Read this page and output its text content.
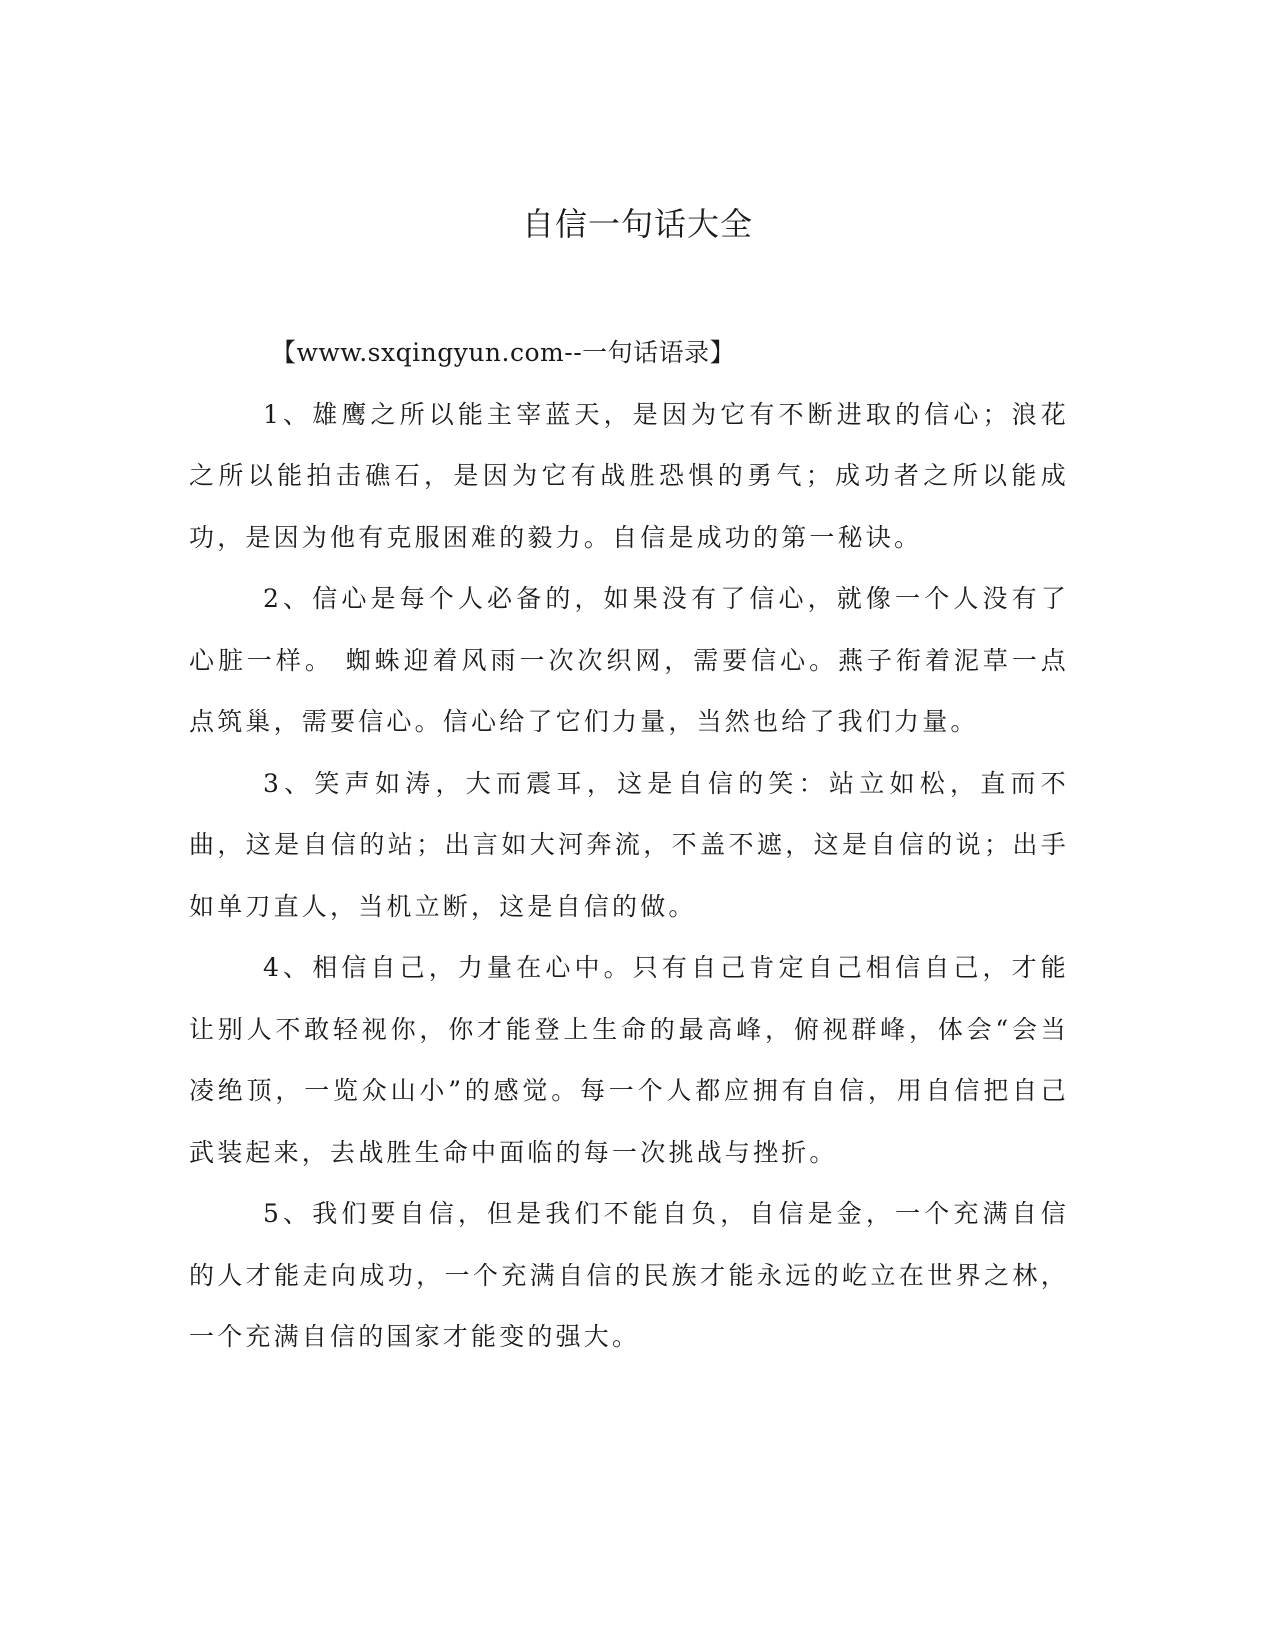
自信一句话大全

【www.sxqingyun.com--一句话语录】

1、雄鹰之所以能主宰蓝天，是因为它有不断进取的信心；浪花之所以能拍击礁石，是因为它有战胜恐惧的勇气；成功者之所以能成功，是因为他有克服困难的毅力。自信是成功的第一秘诀。

2、信心是每个人必备的，如果没有了信心，就像一个人没有了心脏一样。 蜘蛛迎着风雨一次次织网，需要信心。燕子衔着泥草一点点筑巢，需要信心。信心给了它们力量，当然也给了我们力量。

3、笑声如涛，大而震耳，这是自信的笑：站立如松，直而不曲，这是自信的站；出言如大河奔流，不盖不遮，这是自信的说；出手如单刀直人，当机立断，这是自信的做。

4、相信自己，力量在心中。只有自己肯定自己相信自己，才能让别人不敢轻视你，你才能登上生命的最高峰，俯视群峰，体会“会当凌绝顶，一览众山小”的感觉。每一个人都应拥有自信，用自信把自己武装起来，去战胜生命中面临的每一次挑战与挫折。

5、我们要自信，但是我们不能自负，自信是金，一个充满自信的人才能走向成功，一个充满自信的民族才能永远的屹立在世界之林，一个充满自信的国家才能变的强大。
